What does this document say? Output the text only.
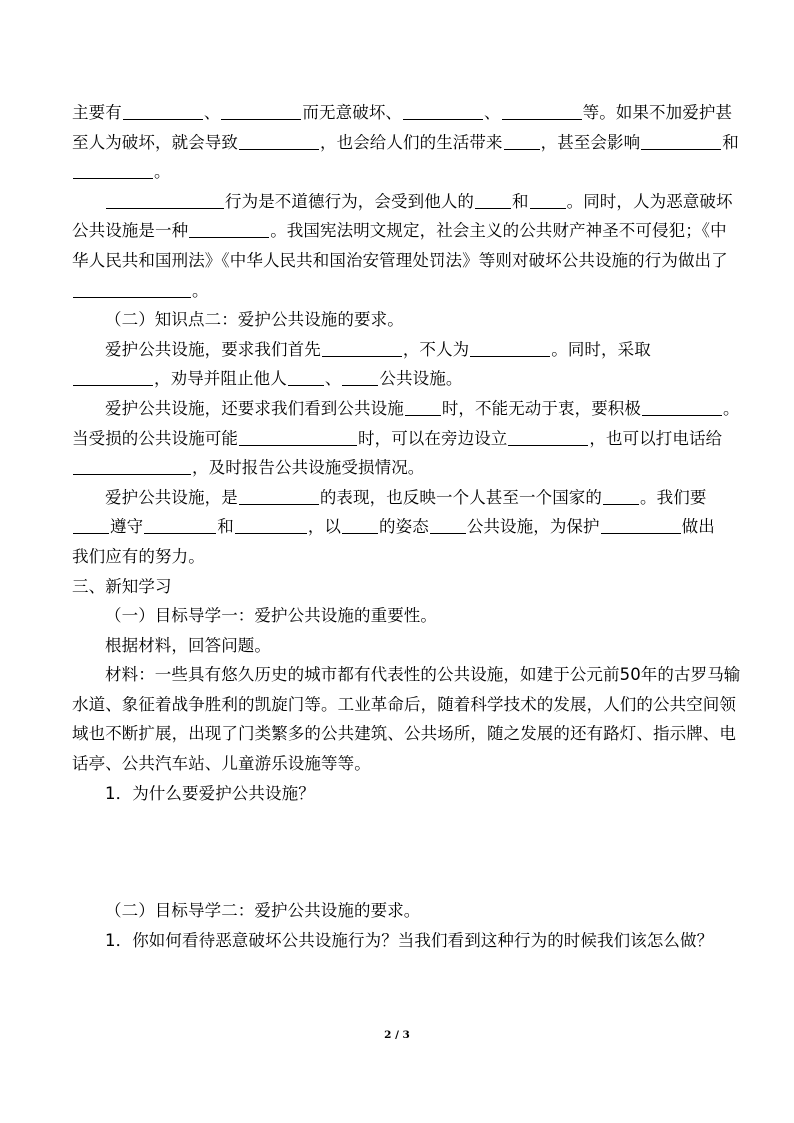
主要有	、	而无意破坏、	、	等。如果不加爱护甚
至人为破坏，就会导致	，也会给人们的生活带来 ，甚至会影响	和
。
行为是不道德行为，会受到他人的 和 。同时，人为恶意破坏
公共设施是一种	。我国宪法明文规定，社会主义的公共财产神圣不可侵犯；《中
华人民共和国刑法》《中华人民共和国治安管理处罚法》等则对破坏公共设施的行为做出了
。
（二）知识点二：爱护公共设施的要求。
爱护公共设施，要求我们首先	，不人为	。同时，采取
，劝导并阻止他人 、 公共设施。
爱护公共设施，还要求我们看到公共设施 时，不能无动于衷，要积极	。
当受损的公共设施可能	时，可以在旁边设立	，也可以打电话给
，及时报告公共设施受损情况。
爱护公共设施，是	的表现，也反映一个人甚至一个国家的 。我们要
遵守	和	，以 的姿态 公共设施，为保护	做出
我们应有的努力。
三、新知学习
（一）目标导学一：爱护公共设施的重要性。
根据材料，回答问题。
材料：一些具有悠久历史的城市都有代表性的公共设施，如建于公元前50年的古罗马输
水道、象征着战争胜利的凯旋门等。工业革命后，随着科学技术的发展，人们的公共空间领
域也不断扩展，出现了门类繁多的公共建筑、公共场所，随之发展的还有路灯、指示牌、电
话亭、公共汽车站、儿童游乐设施等等。
1．为什么要爱护公共设施？
（二）目标导学二：爱护公共设施的要求。
1．你如何看待恶意破坏公共设施行为？当我们看到这种行为的时候我们该怎么做？
2 / 3
